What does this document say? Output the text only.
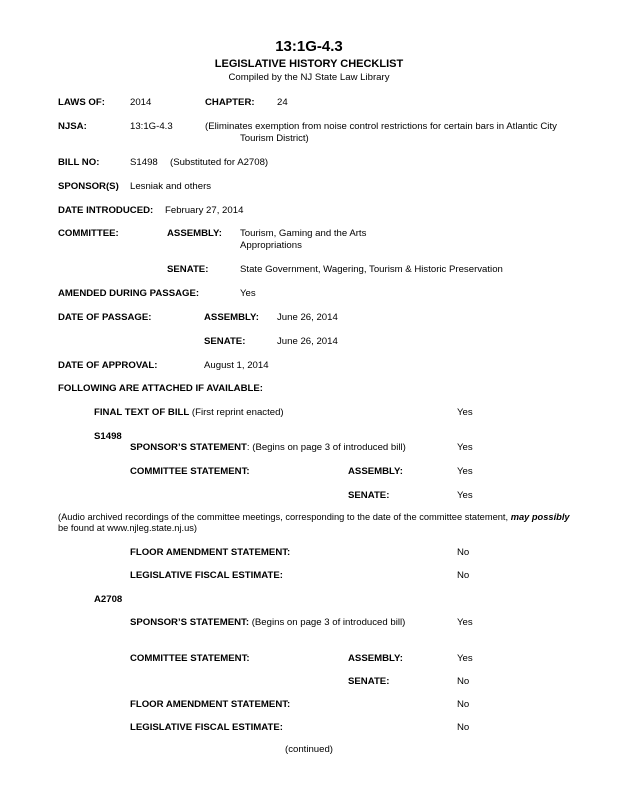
13:1G-4.3
LEGISLATIVE HISTORY CHECKLIST
Compiled by the NJ State Law Library
LAWS OF:	2014	CHAPTER: 24
NJSA:	13:1G-4.3	(Eliminates exemption from noise control restrictions for certain bars in Atlantic City
Tourism District)
BILL NO:	S1498 (Substituted for A2708)
SPONSOR(S) Lesniak and others
DATE INTRODUCED: February 27, 2014
COMMITTEE:	ASSEMBLY: Tourism, Gaming and the Arts
Appropriations
SENATE:	State Government, Wagering, Tourism & Historic Preservation
AMENDED DURING PASSAGE:	Yes
DATE OF PASSAGE:	ASSEMBLY: June 26, 2014
SENATE:	June 26, 2014
DATE OF APPROVAL:	August 1, 2014
FOLLOWING ARE ATTACHED IF AVAILABLE:
FINAL TEXT OF BILL (First reprint enacted)	Yes
S1498
SPONSOR’S STATEMENT: (Begins on page 3 of introduced bill)	Yes
COMMITTEE STATEMENT:	ASSEMBLY:	Yes
SENATE:	Yes
(Audio archived recordings of the committee meetings, corresponding to the date of the committee statement, may possibly
be found at www.njleg.state.nj.us)
FLOOR AMENDMENT STATEMENT:	No
LEGISLATIVE FISCAL ESTIMATE:	No
A2708
SPONSOR’S STATEMENT: (Begins on page 3 of introduced bill)	Yes
COMMITTEE STATEMENT:	ASSEMBLY:	Yes
SENATE:	No
FLOOR AMENDMENT STATEMENT:	No
LEGISLATIVE FISCAL ESTIMATE:	No
(continued)
